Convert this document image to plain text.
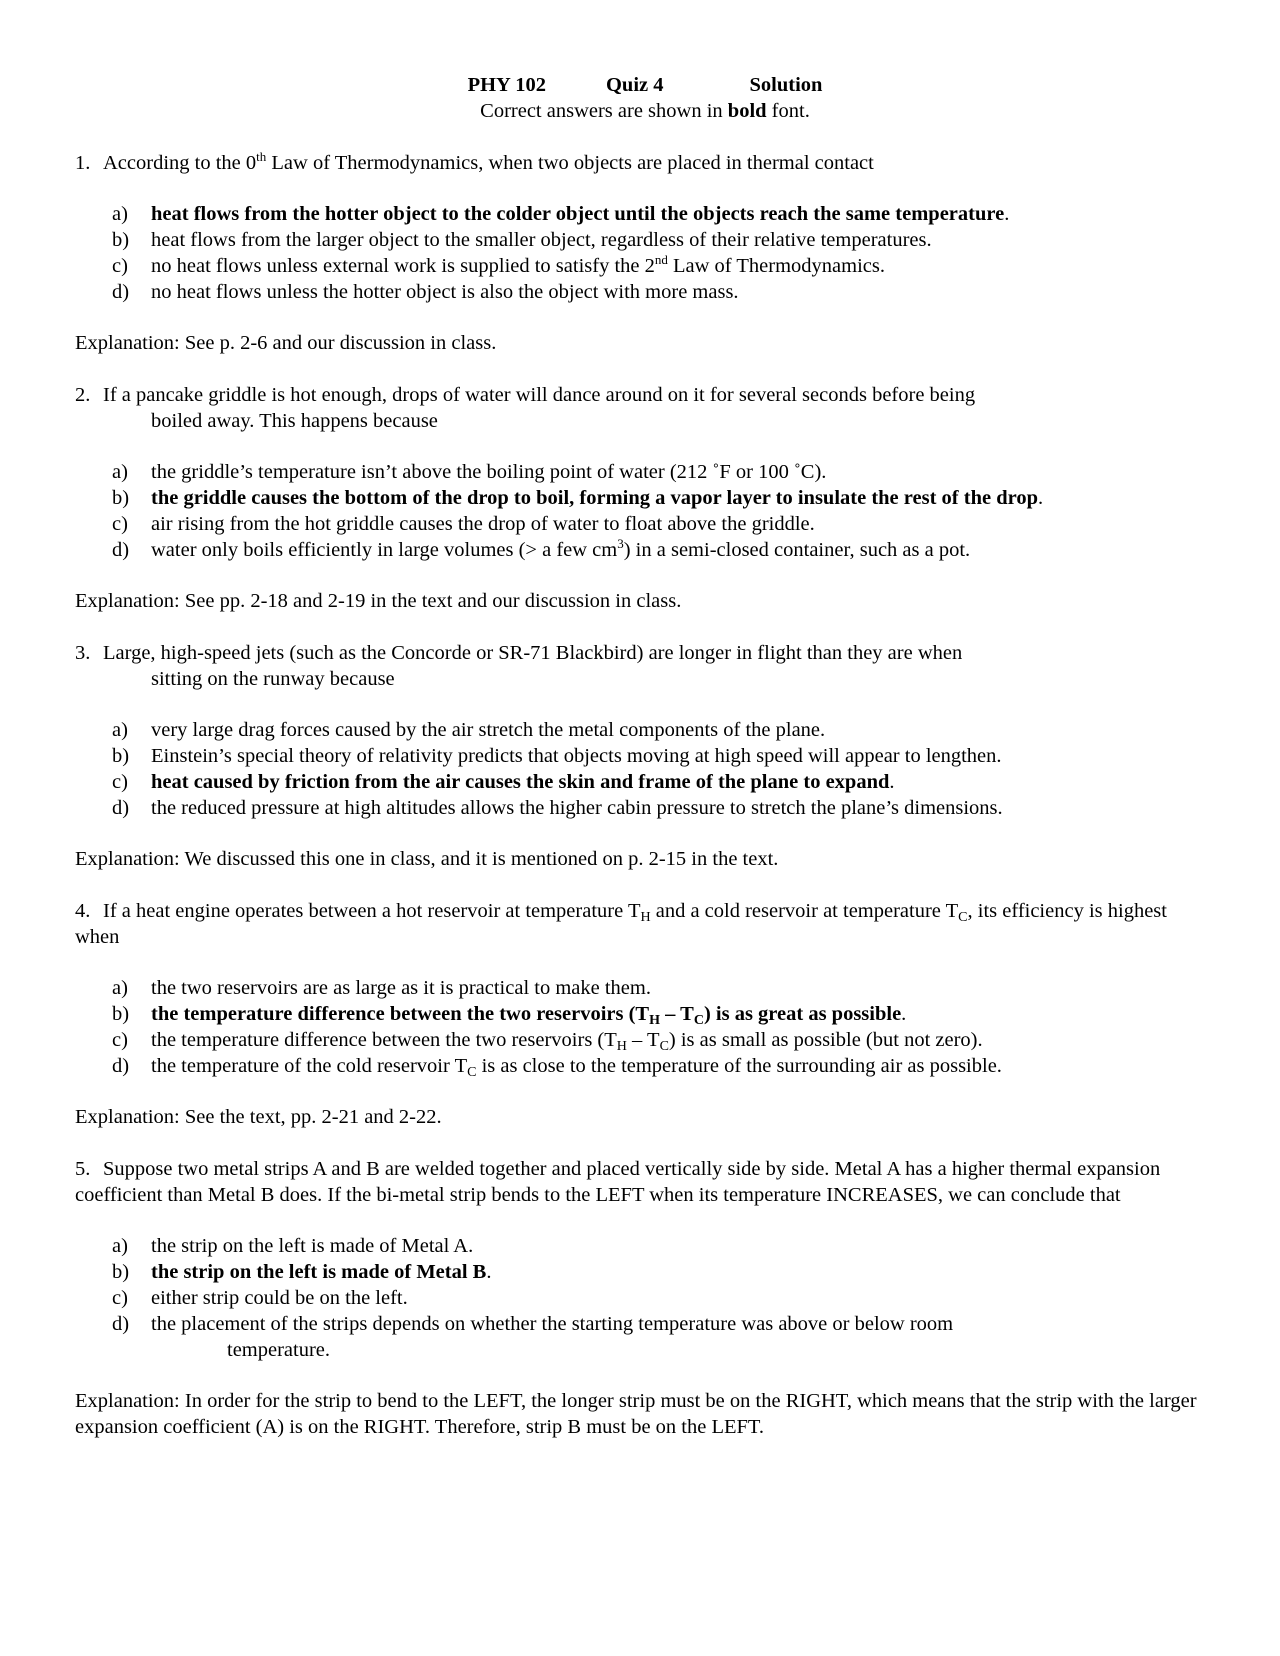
PHY 102	Quiz 4	Solution
Correct answers are shown in bold font.
1. According to the 0th Law of Thermodynamics, when two objects are placed in thermal contact
a) heat flows from the hotter object to the colder object until the objects reach the same temperature.
b) heat flows from the larger object to the smaller object, regardless of their relative temperatures.
c) no heat flows unless external work is supplied to satisfy the 2nd Law of Thermodynamics.
d) no heat flows unless the hotter object is also the object with more mass.
Explanation: See p. 2-6 and our discussion in class.
2. If a pancake griddle is hot enough, drops of water will dance around on it for several seconds before being
boiled away. This happens because
a) the griddle’s temperature isn’t above the boiling point of water (212 ˚F or 100 ˚C).
b) the griddle causes the bottom of the drop to boil, forming a vapor layer to insulate the rest of the drop.
c) air rising from the hot griddle causes the drop of water to float above the griddle.
d) water only boils efficiently in large volumes (> a few $cm^3$) in a semi-closed container, such as a pot.
Explanation: See pp. 2-18 and 2-19 in the text and our discussion in class.
3. Large, high-speed jets (such as the Concorde or SR-71 Blackbird) are longer in flight than they are when
sitting on the runway because
a) very large drag forces caused by the air stretch the metal components of the plane.
b) Einstein’s special theory of relativity predicts that objects moving at high speed will appear to lengthen.
c) heat caused by friction from the air causes the skin and frame of the plane to expand.
d) the reduced pressure at high altitudes allows the higher cabin pressure to stretch the plane’s dimensions.
Explanation: We discussed this one in class, and it is mentioned on p. 2-15 in the text.
4. If a heat engine operates between a hot reservoir at temperature $T_H$ and a cold reservoir at temperature $T_C$, its efficiency is highest when
a) the two reservoirs are as large as it is practical to make them.
b) the temperature difference between the two reservoirs $(T_H - T_C)$ is as great as possible.
c) the temperature difference between the two reservoirs $(T_H - T_C)$ is as small as possible (but not zero).
d) the temperature of the cold reservoir $T_C$ is as close to the temperature of the surrounding air as possible.
Explanation: See the text, pp. 2-21 and 2-22.
5. Suppose two metal strips A and B are welded together and placed vertically side by side. Metal A has a higher thermal expansion coefficient than Metal B does. If the bi-metal strip bends to the LEFT when its temperature INCREASES, we can conclude that
a) the strip on the left is made of Metal A.
b) the strip on the left is made of Metal B.
c) either strip could be on the left.
d) the placement of the strips depends on whether the starting temperature was above or below room
temperature.
Explanation: In order for the strip to bend to the LEFT, the longer strip must be on the RIGHT, which means that the strip with the larger expansion coefficient (A) is on the RIGHT. Therefore, strip B must be on the LEFT.
